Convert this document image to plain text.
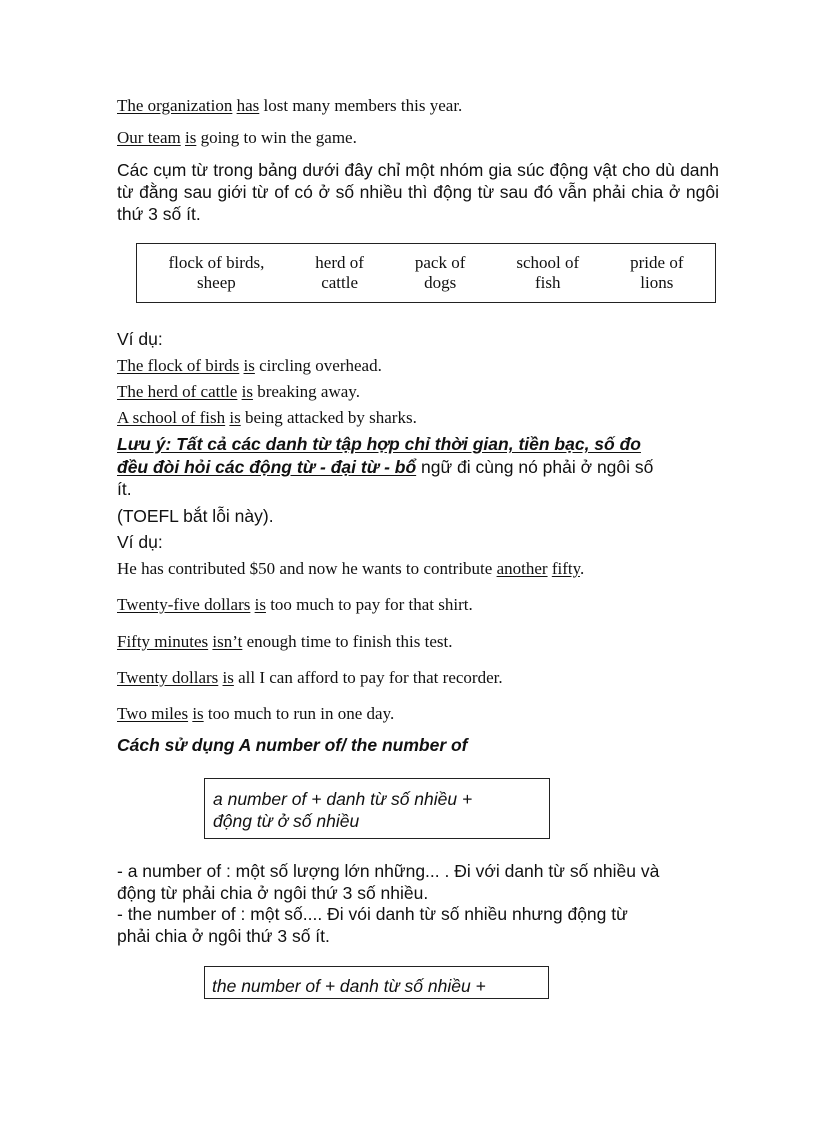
The organization has lost many members this year.
Our team is going to win the game.
Các cụm từ trong bảng dưới đây chỉ một nhóm gia súc động vật cho dù danh từ đằng sau giới từ of có ở số nhiều thì động từ sau đó vẫn phải chia ở ngôi thứ 3 số ít.
flock of birds,
sheep
herd of
cattle
pack of
dogs
school of
fish
pride of
lions
Ví dụ:
The flock of birds is circling overhead.
The herd of cattle is breaking away.
A school of fish is being attacked by sharks.
Lưu ý: Tất cả các danh từ tập hợp chỉ thời gian, tiền bạc, số đo
đều đòi hỏi các động từ - đại từ - bổ ngữ đi cùng nó phải ở ngôi số
ít.
(TOEFL bắt lỗi này).
Ví dụ:
He has contributed $50 and now he wants to contribute another fifty.
Twenty-five dollars is too much to pay for that shirt.
Fifty minutes isn’t enough time to finish this test.
Twenty dollars is all I can afford to pay for that recorder.
Two miles is too much to run in one day.
Cách sử dụng A number of/ the number of
a number of + danh từ số nhiều +
động từ ở số nhiều
- a number of : một số lượng lớn những... . Đi với danh từ số nhiều và
động từ phải chia ở ngôi thứ 3 số nhiều.
- the number of : một số.... Đi vói danh từ số nhiều nhưng động từ
phải chia ở ngôi thứ 3 số ít.
the number of + danh từ số nhiều +
